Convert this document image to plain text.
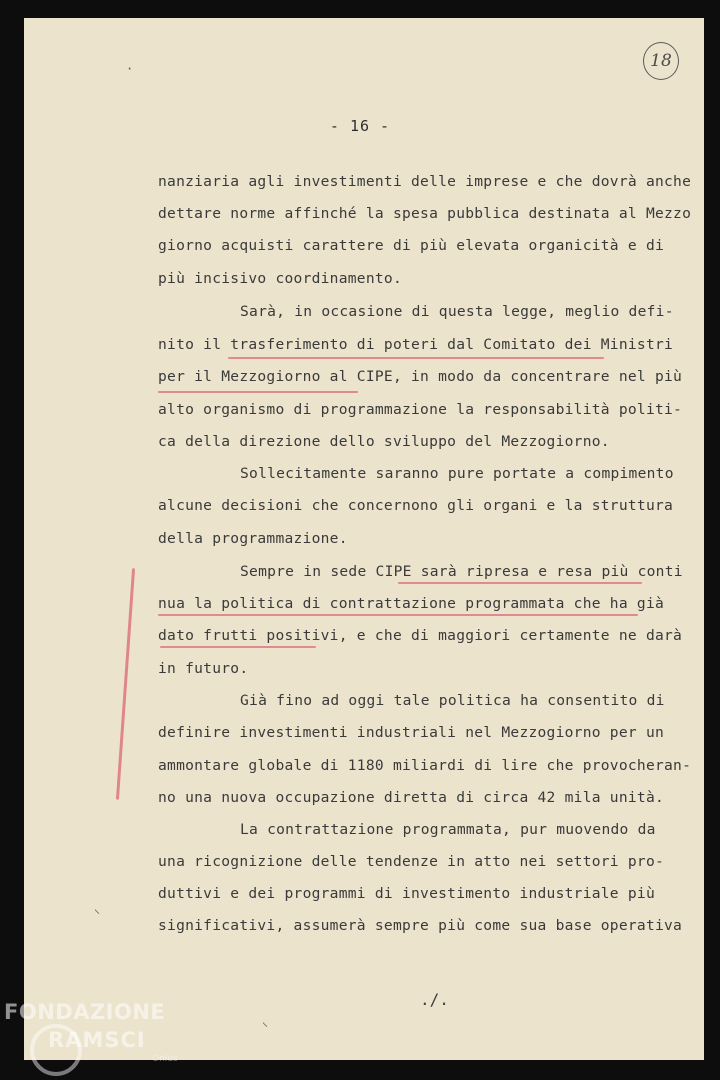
18
- 16 -
nanziaria agli investimenti delle imprese e che dovrà anche
dettare norme affinché la spesa pubblica destinata al Mezzo
giorno acquisti carattere di più elevata organicità e di
più incisivo coordinamento.
Sarà, in occasione di questa legge, meglio defi-
nito il trasferimento di poteri dal Comitato dei Ministri
per il Mezzogiorno al CIPE, in modo da concentrare nel più
alto organismo di programmazione la responsabilità politi-
ca della direzione dello sviluppo del Mezzogiorno.
Sollecitamente saranno pure portate a compimento
alcune decisioni che concernono gli organi e la struttura
della programmazione.
Sempre in sede CIPE sarà ripresa e resa più conti
nua la politica di contrattazione programmata che ha già
dato frutti positivi, e che di maggiori certamente ne darà
in futuro.
Già fino ad oggi tale politica ha consentito di
definire investimenti industriali nel Mezzogiorno per un
ammontare globale di 1180 miliardi di lire che provocheran-
no una nuova occupazione diretta di circa 42 mila unità.
La contrattazione programmata, pur muovendo da
una ricognizione delle tendenze in atto nei settori pro-
duttivi e dei programmi di investimento industriale più
significativi, assumerà sempre più come sua base operativa
·
⸌
⸌
./.
FONDAZIONE
RAMSCI
Onlus
